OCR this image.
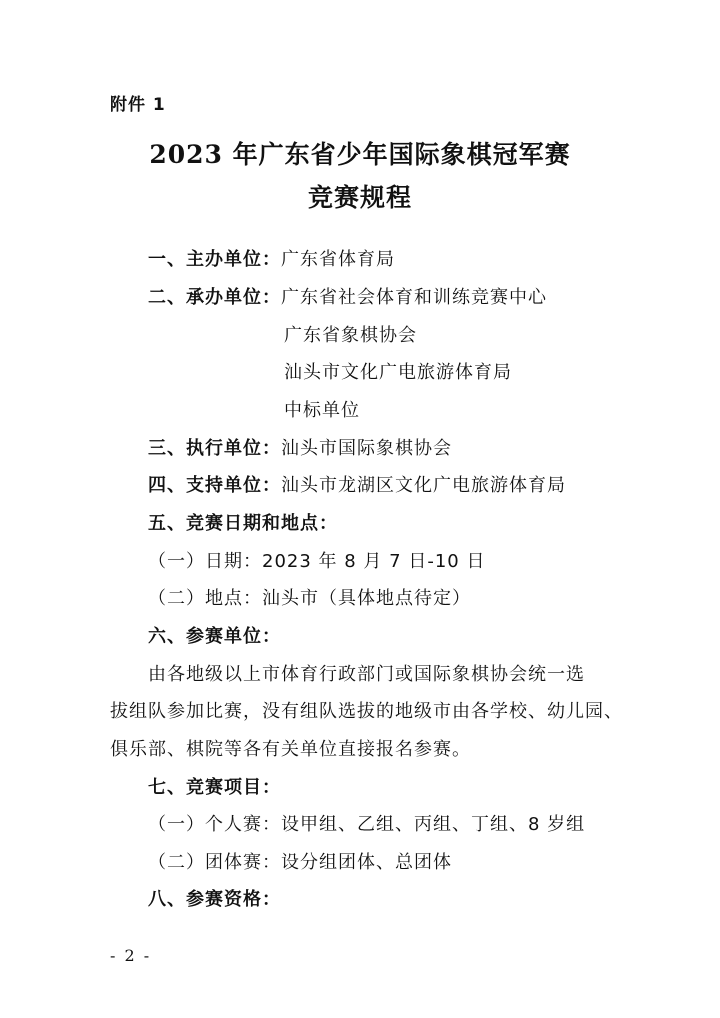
附件 1
2023 年广东省少年国际象棋冠军赛
竞赛规程
一、主办单位：广东省体育局
二、承办单位：广东省社会体育和训练竞赛中心
广东省象棋协会
汕头市文化广电旅游体育局
中标单位
三、执行单位：汕头市国际象棋协会
四、支持单位：汕头市龙湖区文化广电旅游体育局
五、竞赛日期和地点：
（一）日期：2023 年 8 月 7 日-10 日
（二）地点：汕头市（具体地点待定）
六、参赛单位：
由各地级以上市体育行政部门或国际象棋协会统一选
拔组队参加比赛，没有组队选拔的地级市由各学校、幼儿园、
俱乐部、棋院等各有关单位直接报名参赛。
七、竞赛项目：
（一）个人赛：设甲组、乙组、丙组、丁组、8 岁组
（二）团体赛：设分组团体、总团体
八、参赛资格：
- 2 -
